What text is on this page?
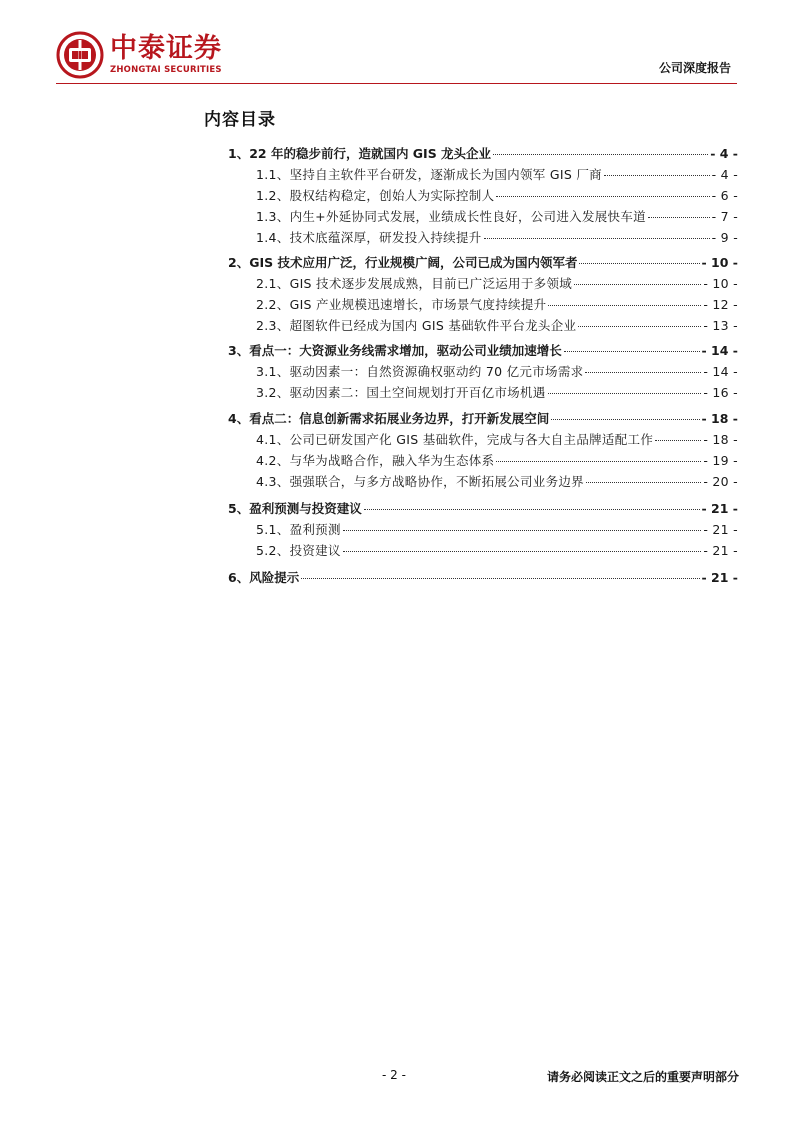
中泰证券
ZHONGTAI SECURITIES	公司深度报告
内容目录
1、22 年的稳步前行，造就国内 GIS 龙头企业	- 4 -
1.1、坚持自主软件平台研发，逐渐成长为国内领军 GIS 厂商	- 4 -
1.2、股权结构稳定，创始人为实际控制人	- 6 -
1.3、内生+外延协同式发展，业绩成长性良好，公司进入发展快车道	- 7 -
1.4、技术底蕴深厚，研发投入持续提升	- 9 -
2、GIS 技术应用广泛，行业规模广阔，公司已成为国内领军者	- 10 -
2.1、GIS 技术逐步发展成熟，目前已广泛运用于多领域	- 10 -
2.2、GIS 产业规模迅速增长，市场景气度持续提升	- 12 -
2.3、超图软件已经成为国内 GIS 基础软件平台龙头企业	- 13 -
3、看点一：大资源业务线需求增加，驱动公司业绩加速增长	- 14 -
3.1、驱动因素一：自然资源确权驱动约 70 亿元市场需求	- 14 -
3.2、驱动因素二：国土空间规划打开百亿市场机遇	- 16 -
4、看点二：信息创新需求拓展业务边界，打开新发展空间	- 18 -
4.1、公司已研发国产化 GIS 基础软件，完成与各大自主品牌适配工作	- 18 -
4.2、与华为战略合作，融入华为生态体系	- 19 -
4.3、强强联合，与多方战略协作，不断拓展公司业务边界	- 20 -
5、盈利预测与投资建议	- 21 -
5.1、盈利预测	- 21 -
5.2、投资建议	- 21 -
6、风险提示	- 21 -
- 2 -	请务必阅读正文之后的重要声明部分
